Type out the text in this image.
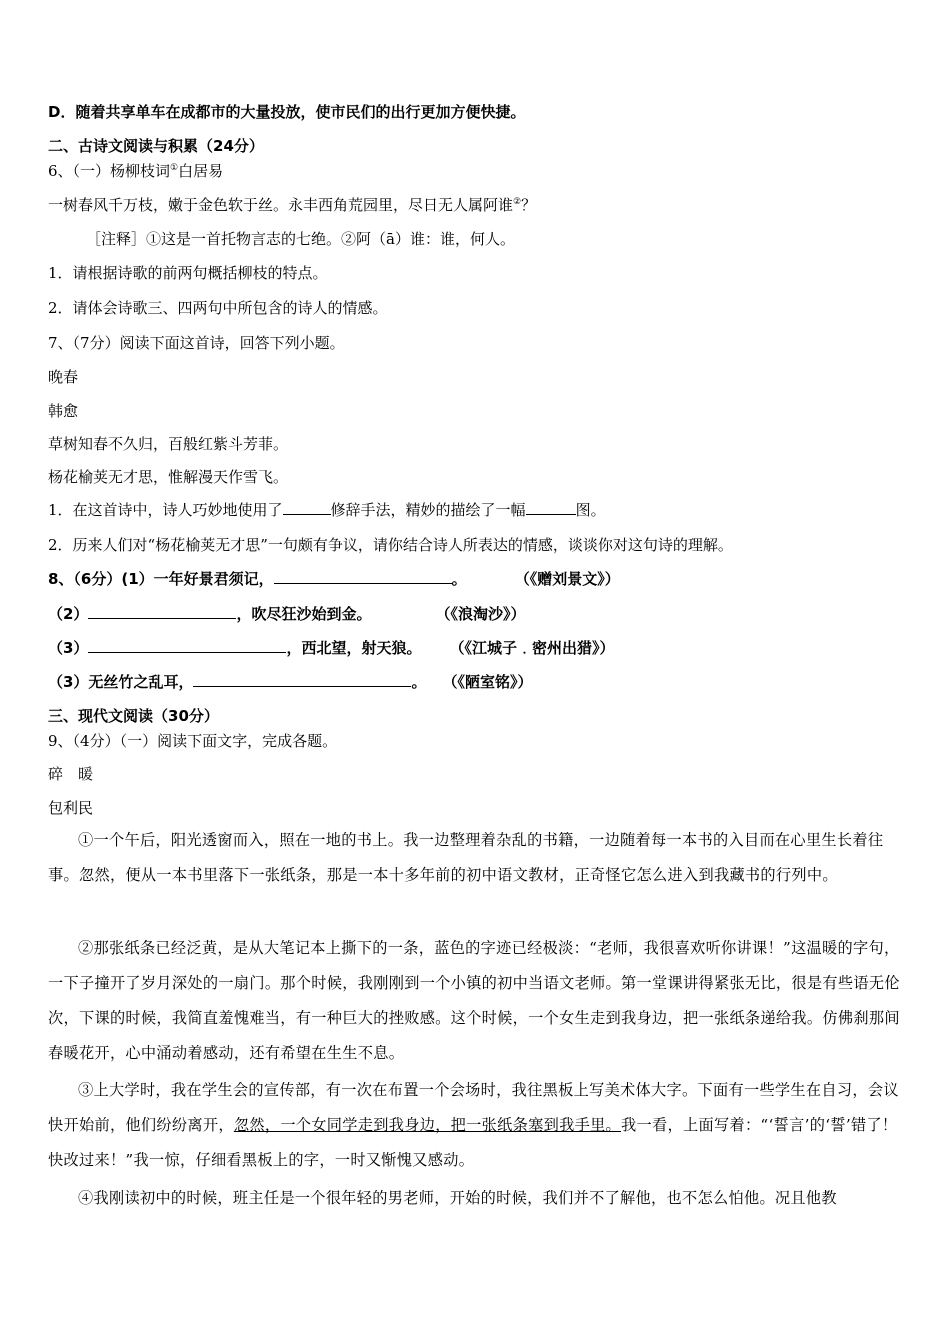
D．随着共享单车在成都市的大量投放，使市民们的出行更加方便快捷。
二、古诗文阅读与积累（24分）
6、（一）杨柳枝词①白居易
一树春风千万枝，嫩于金色软于丝。永丰西角荒园里，尽日无人属阿谁②？
［注释］①这是一首托物言志的七绝。②阿（ā）谁：谁，何人。
1．请根据诗歌的前两句概括柳枝的特点。
2．请体会诗歌三、四两句中所包含的诗人的情感。
7、（7分）阅读下面这首诗，回答下列小题。
晚春
韩愈
草树知春不久归，百般红紫斗芳菲。
杨花榆荚无才思，惟解漫天作雪飞。
1．在这首诗中，诗人巧妙地使用了	修辞手法，精妙的描绘了一幅	图。
2．历来人们对“杨花榆荚无才思”一句颇有争议，请你结合诗人所表达的情感，谈谈你对这句诗的理解。
8、（6分）(1）一年好景君须记，	。	（《赠刘景文》）
（2）	，吹尽狂沙始到金。	（《浪淘沙》）
（3）	，西北望，射天狼。 （《江城子﹒密州出猎》）
（3）无丝竹之乱耳，	。 （《陋室铭》）
三、现代文阅读（30分）
9、（4分）（一）阅读下面文字，完成各题。
碎　暖
包利民
①一个午后，阳光透窗而入，照在一地的书上。我一边整理着杂乱的书籍，一边随着每一本书的入目而在心里生长着往事。忽然，便从一本书里落下一张纸条，那是一本十多年前的初中语文教材，正奇怪它怎么进入到我藏书的行列中。
②那张纸条已经泛黄，是从大笔记本上撕下的一条，蓝色的字迹已经极淡：“老师，我很喜欢听你讲课！”这温暖的字句，一下子撞开了岁月深处的一扇门。那个时候，我刚刚到一个小镇的初中当语文老师。第一堂课讲得紧张无比，很是有些语无伦次，下课的时候，我简直羞愧难当，有一种巨大的挫败感。这个时候，一个女生走到我身边，把一张纸条递给我。仿佛刹那间春暖花开，心中涌动着感动，还有希望在生生不息。
③上大学时，我在学生会的宣传部，有一次在布置一个会场时，我往黑板上写美术体大字。下面有一些学生在自习，会议快开始前，他们纷纷离开，忽然，一个女同学走到我身边，把一张纸条塞到我手里。我一看，上面写着：“‘誓言’的‘誓’错了！快改过来！”我一惊，仔细看黑板上的字，一时又惭愧又感动。
④我刚读初中的时候，班主任是一个很年轻的男老师，开始的时候，我们并不了解他，也不怎么怕他。况且他教
